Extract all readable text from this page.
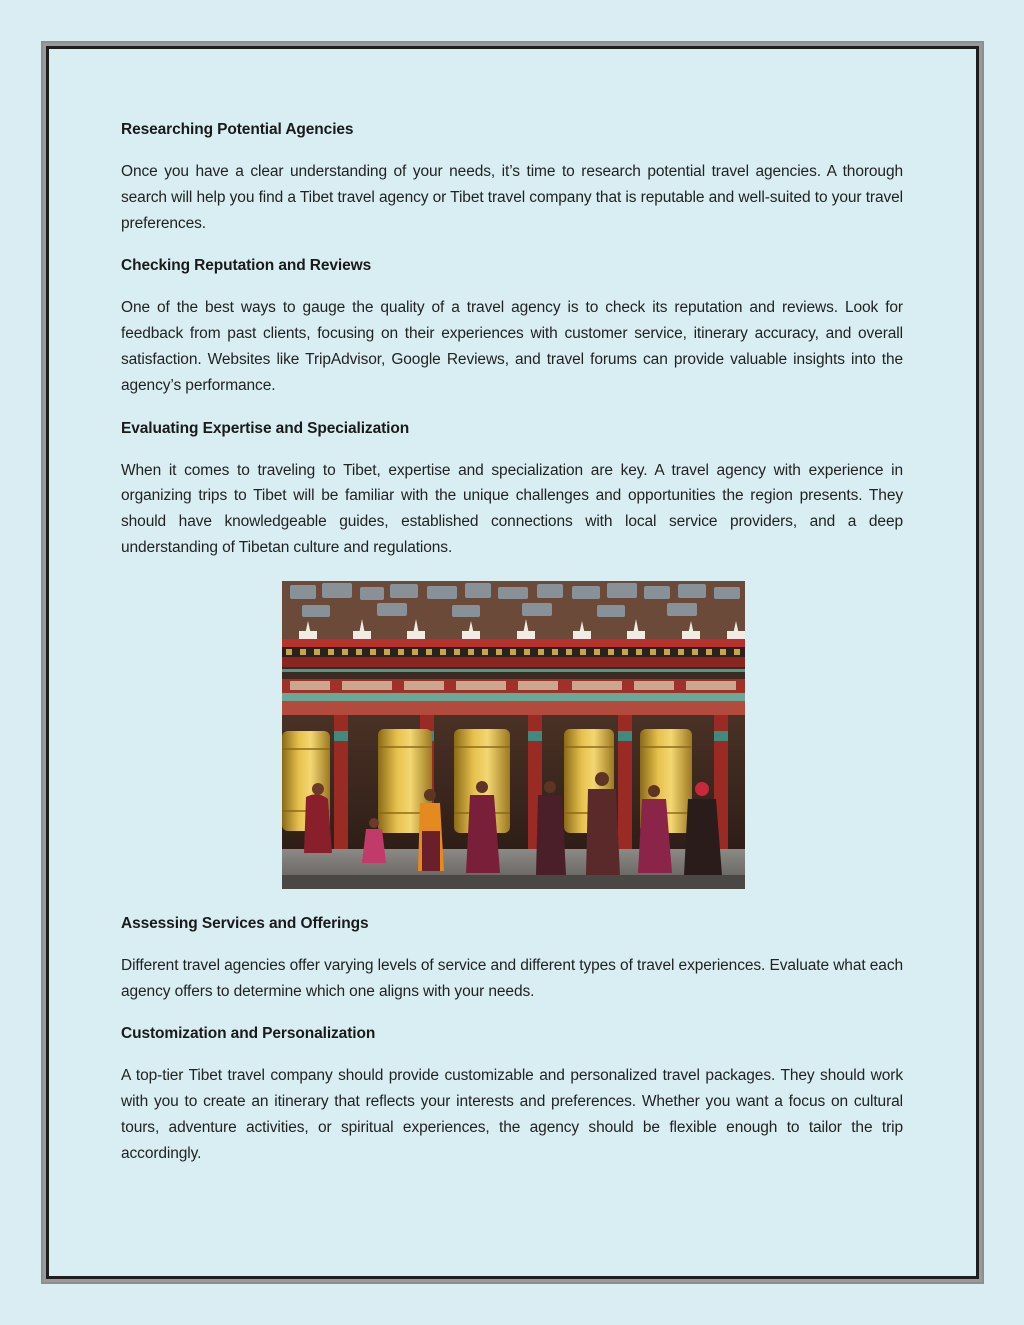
Researching Potential Agencies

Once you have a clear understanding of your needs, it’s time to research potential travel agencies. A thorough search will help you find a Tibet travel agency or Tibet travel company that is reputable and well-suited to your travel preferences.

Checking Reputation and Reviews

One of the best ways to gauge the quality of a travel agency is to check its reputation and reviews. Look for feedback from past clients, focusing on their experiences with customer service, itinerary accuracy, and overall satisfaction. Websites like TripAdvisor, Google Reviews, and travel forums can provide valuable insights into the agency’s performance.

Evaluating Expertise and Specialization

When it comes to traveling to Tibet, expertise and specialization are key. A travel agency with experience in organizing trips to Tibet will be familiar with the unique challenges and opportunities the region presents. They should have knowledgeable guides, established connections with local service providers, and a deep understanding of Tibetan culture and regulations.

Assessing Services and Offerings

Different travel agencies offer varying levels of service and different types of travel experiences. Evaluate what each agency offers to determine which one aligns with your needs.

Customization and Personalization

A top-tier Tibet travel company should provide customizable and personalized travel packages. They should work with you to create an itinerary that reflects your interests and preferences. Whether you want a focus on cultural tours, adventure activities, or spiritual experiences, the agency should be flexible enough to tailor the trip accordingly.
